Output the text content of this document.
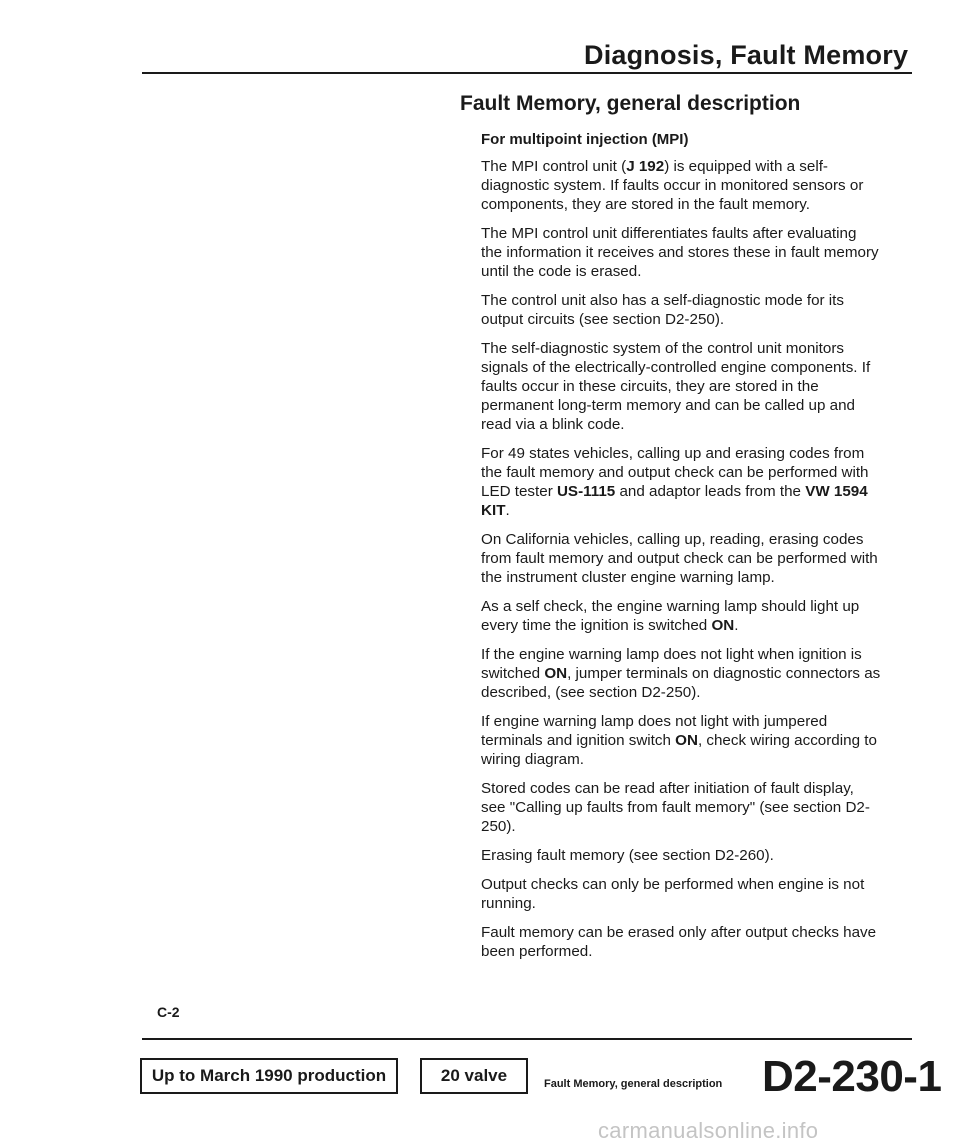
Diagnosis, Fault Memory
Fault Memory, general description
For multipoint injection (MPI)

The MPI control unit (J 192) is equipped with a self-diagnostic system. If faults occur in monitored sensors or components, they are stored in the fault memory.

The MPI control unit differentiates faults after evaluating the information it receives and stores these in fault memory until the code is erased.

The control unit also has a self-diagnostic mode for its output circuits (see section D2-250).

The self-diagnostic system of the control unit monitors signals of the electrically-controlled engine components. If faults occur in these circuits, they are stored in the permanent long-term memory and can be called up and read via a blink code.

For 49 states vehicles, calling up and erasing codes from the fault memory and output check can be performed with LED tester US-1115 and adaptor leads from the VW 1594 KIT.

On California vehicles, calling up, reading, erasing codes from fault memory and output check can be performed with the instrument cluster engine warning lamp.

As a self check, the engine warning lamp should light up every time the ignition is switched ON.

If the engine warning lamp does not light when ignition is switched ON, jumper terminals on diagnostic connectors as described, (see section D2-250).

If engine warning lamp does not light with jumpered terminals and ignition switch ON, check wiring according to wiring diagram.

Stored codes can be read after initiation of fault display, see "Calling up faults from fault memory" (see section D2-250).

Erasing fault memory (see section D2-260).

Output checks can only be performed when engine is not running.

Fault memory can be erased only after output checks have been performed.

C-2
Up to March 1990 production	20 valve	Fault Memory, general description D2-230-1
carmanualsonline.info
